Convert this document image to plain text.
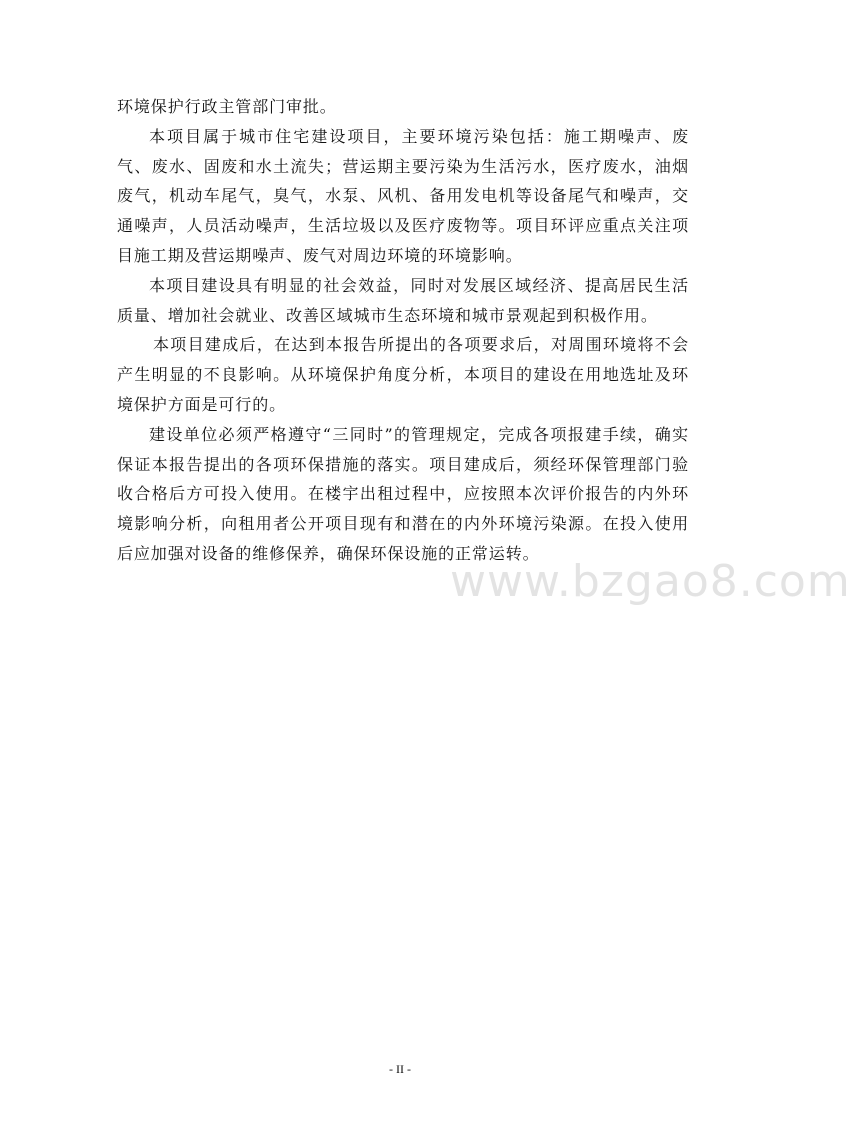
环境保护行政主管部门审批。

本项目属于城市住宅建设项目，主要环境污染包括：施工期噪声、废气、废水、固废和水土流失；营运期主要污染为生活污水，医疗废水，油烟废气，机动车尾气，臭气，水泵、风机、备用发电机等设备尾气和噪声，交通噪声，人员活动噪声，生活垃圾以及医疗废物等。项目环评应重点关注项目施工期及营运期噪声、废气对周边环境的环境影响。

本项目建设具有明显的社会效益，同时对发展区域经济、提高居民生活质量、增加社会就业、改善区域城市生态环境和城市景观起到积极作用。

本项目建成后，在达到本报告所提出的各项要求后，对周围环境将不会产生明显的不良影响。从环境保护角度分析，本项目的建设在用地选址及环境保护方面是可行的。

建设单位必须严格遵守“三同时”的管理规定，完成各项报建手续，确实保证本报告提出的各项环保措施的落实。项目建成后，须经环保管理部门验收合格后方可投入使用。在楼宇出租过程中，应按照本次评价报告的内外环境影响分析，向租用者公开项目现有和潜在的内外环境污染源。在投入使用后应加强对设备的维修保养，确保环保设施的正常运转。

www.bzgao8.com
- II -
